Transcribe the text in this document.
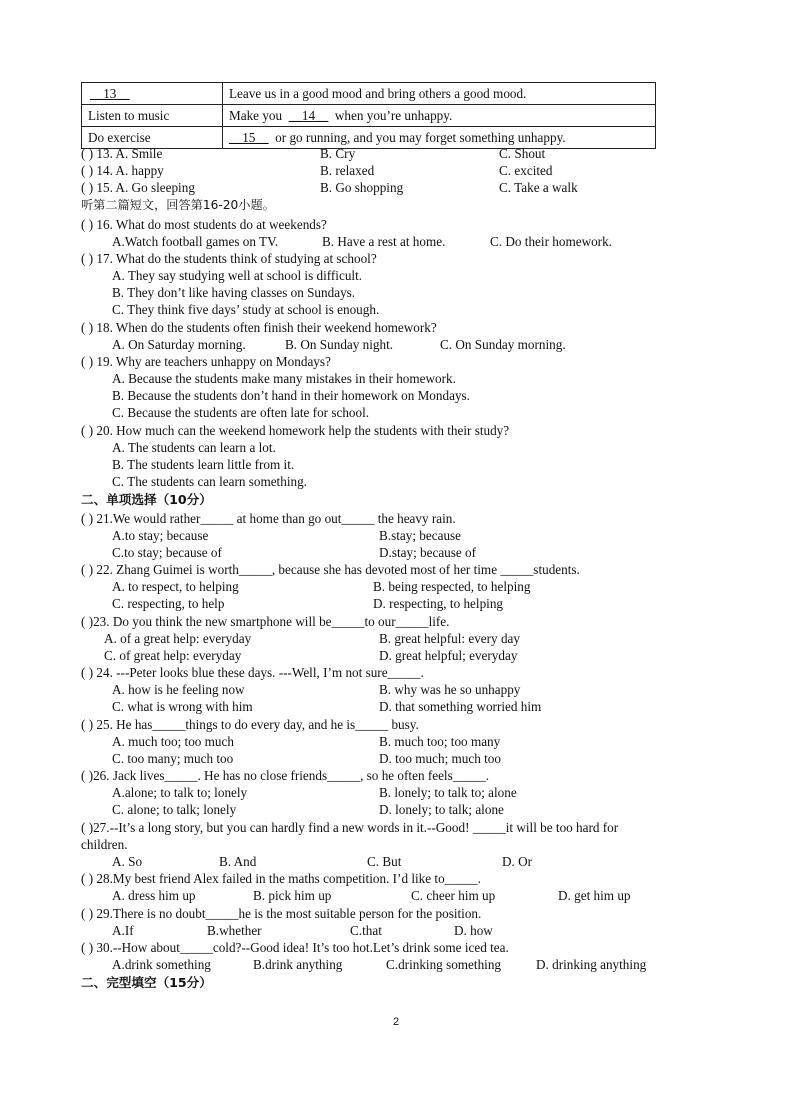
__13__	Leave us in a good mood and bring others a good mood.
Listen to music	Make you __14__ when you’re unhappy.
Do exercise	__15__ or go running, and you may forget something unhappy.
( ) 13. A. Smile	B. Cry	C. Shout
( ) 14. A. happy	B. relaxed	C. excited
( ) 15. A. Go sleeping	B. Go shopping	C. Take a walk
听第二篇短文，回答第16-20小题。
( ) 16. What do most students do at weekends?
A.Watch football games on TV.	B. Have a rest at home.	C. Do their homework.
( ) 17. What do the students think of studying at school?
A. They say studying well at school is difficult.
B. They don’t like having classes on Sundays.
C. They think five days’ study at school is enough.
( ) 18. When do the students often finish their weekend homework?
A. On Saturday morning.	B. On Sunday night.	C. On Sunday morning.
( ) 19. Why are teachers unhappy on Mondays?
A. Because the students make many mistakes in their homework.
B. Because the students don’t hand in their homework on Mondays.
C. Because the students are often late for school.
( ) 20. How much can the weekend homework help the students with their study?
A. The students can learn a lot.
B. The students learn little from it.
C. The students can learn something.
二、单项选择（10分）
( ) 21.We would rather_____ at home than go out_____ the heavy rain.
A.to stay; because	B.stay; because
C.to stay; because of	D.stay; because of
( ) 22. Zhang Guimei is worth_____, because she has devoted most of her time _____students.
A. to respect, to helping	B. being respected, to helping
C. respecting, to help	D. respecting, to helping
( )23. Do you think the new smartphone will be_____to our_____life.
A. of a great help: everyday	B. great helpful: every day
C. of great help: everyday	D. great helpful; everyday
( ) 24. ---Peter looks blue these days. ---Well, I’m not sure_____.
A. how is he feeling now	B. why was he so unhappy
C. what is wrong with him	D. that something worried him
( ) 25. He has_____things to do every day, and he is_____ busy.
A. much too; too much	B. much too; too many
C. too many; much too	D. too much; much too
( )26. Jack lives_____. He has no close friends_____, so he often feels_____.
A.alone; to talk to; lonely	B. lonely; to talk to; alone
C. alone; to talk; lonely	D. lonely; to talk; alone
( )27.--It’s a long story, but you can hardly find a new words in it.--Good! _____it will be too hard for
children.
A. So	B. And	C. But	D. Or
( ) 28.My best friend Alex failed in the maths competition. I’d like to_____.
A. dress him up	B. pick him up	C. cheer him up	D. get him up
( ) 29.There is no doubt_____he is the most suitable person for the position.
A.If	B.whether	C.that	D. how
( ) 30.--How about_____cold?--Good idea! It’s too hot.Let’s drink some iced tea.
A.drink something	B.drink anything	C.drinking something	D. drinking anything
二、完型填空（15分）
2
